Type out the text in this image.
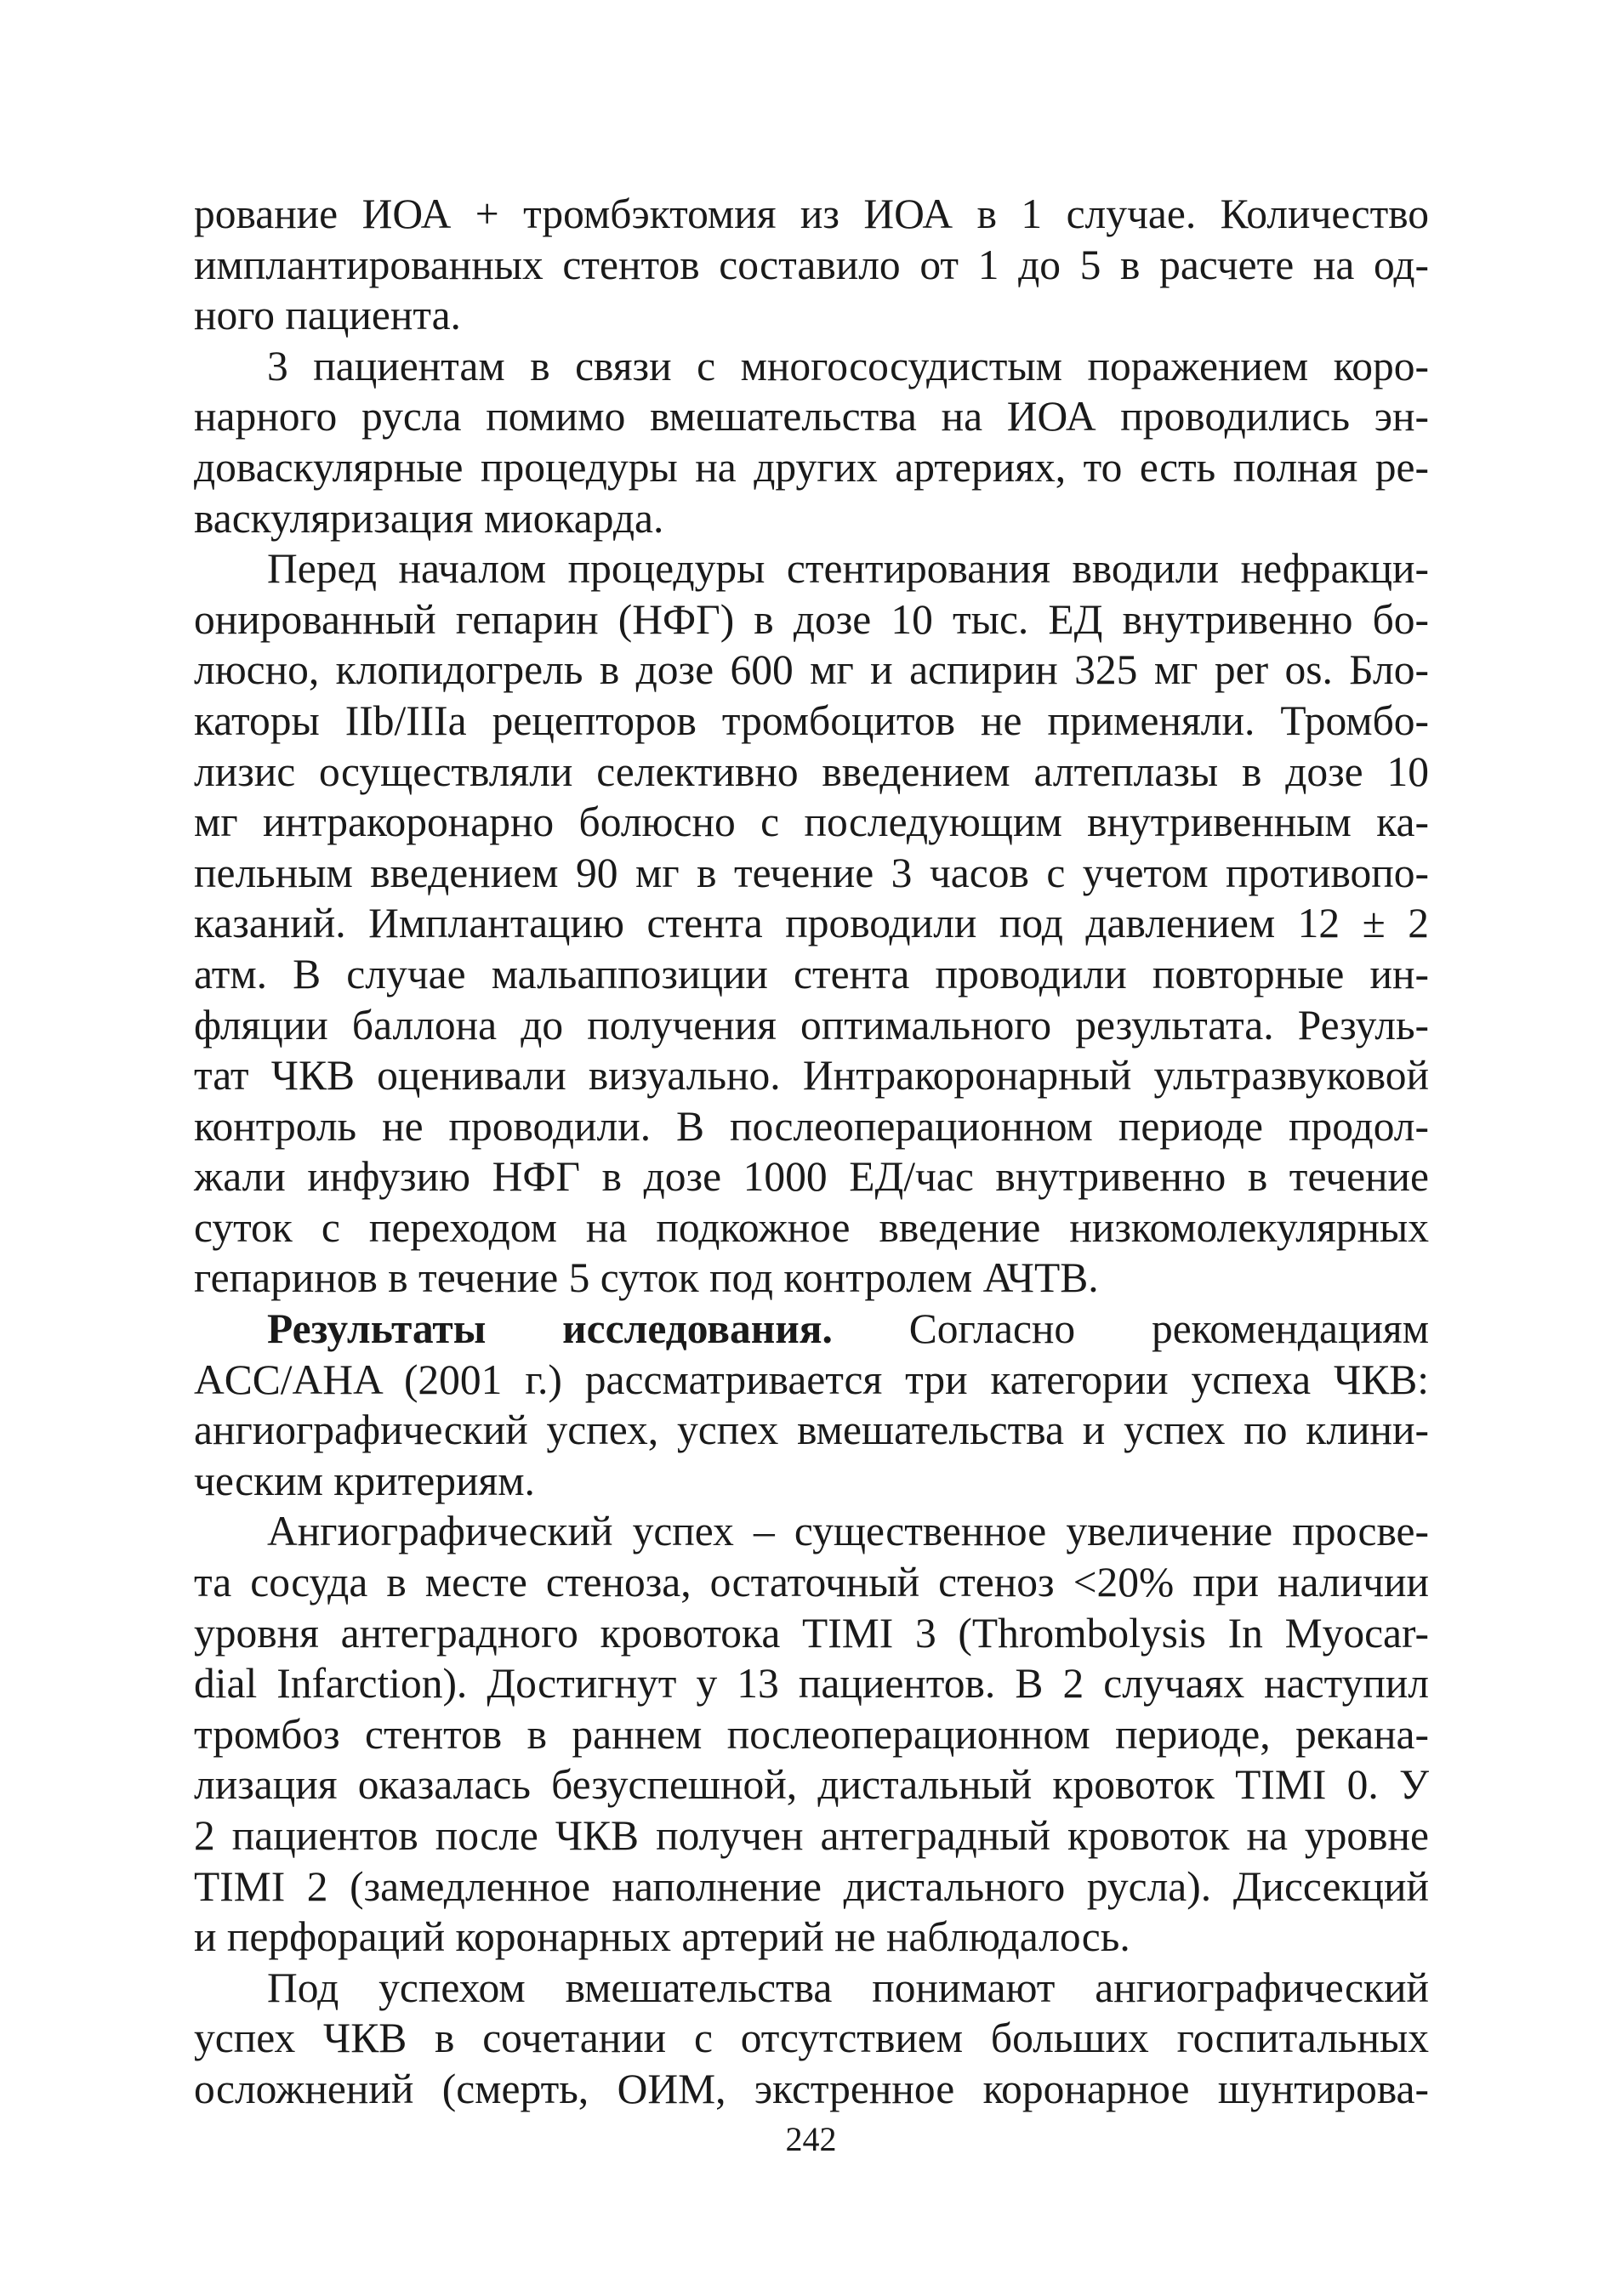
рование ИОА + тромбэктомия из ИОА в 1 случае. Количество
имплантированных стентов составило от 1 до 5 в расчете на од-
ного пациента.

3 пациентам в связи с многососудистым поражением коро-
нарного русла помимо вмешательства на ИОА проводились эн-
доваскулярные процедуры на других артериях, то есть полная ре-
васкуляризация миокарда.

Перед началом процедуры стентирования вводили нефракци-
онированный гепарин (НФГ) в дозе 10 тыс. ЕД внутривенно бо-
люсно, клопидогрель в дозе 600 мг и аспирин 325 мг per os. Бло-
каторы IIb/IIIa рецепторов тромбоцитов не применяли. Тромбо-
лизис осуществляли селективно введением алтеплазы в дозе 10
мг интракоронарно болюсно с последующим внутривенным ка-
пельным введением 90 мг в течение 3 часов с учетом противопо-
казаний. Имплантацию стента проводили под давлением 12 ± 2
атм. В случае мальаппозиции стента проводили повторные ин-
фляции баллона до получения оптимального результата. Резуль-
тат ЧКВ оценивали визуально. Интракоронарный ультразвуковой
контроль не проводили. В послеоперационном периоде продол-
жали инфузию НФГ в дозе 1000 ЕД/час внутривенно в течение
суток с переходом на подкожное введение низкомолекулярных
гепаринов в течение 5 суток под контролем АЧТВ.

Результаты исследования. Согласно рекомендациям
ACC/AHA (2001 г.) рассматривается три категории успеха ЧКВ:
ангиографический успех, успех вмешательства и успех по клини-
ческим критериям.

Ангиографический успех – существенное увеличение просве-
та сосуда в месте стеноза, остаточный стеноз <20% при наличии
уровня антеградного кровотока TIMI 3 (Thrombolysis In Myocar-
dial Infarction). Достигнут у 13 пациентов. В 2 случаях наступил
тромбоз стентов в раннем послеоперационном периоде, рекана-
лизация оказалась безуспешной, дистальный кровоток TIMI 0. У
2 пациентов после ЧКВ получен антеградный кровоток на уровне
TIMI 2 (замедленное наполнение дистального русла). Диссекций
и перфораций коронарных артерий не наблюдалось.

Под успехом вмешательства понимают ангиографический
успех ЧКВ в сочетании с отсутствием больших госпитальных
осложнений (смерть, ОИМ, экстренное коронарное шунтирова-

242
